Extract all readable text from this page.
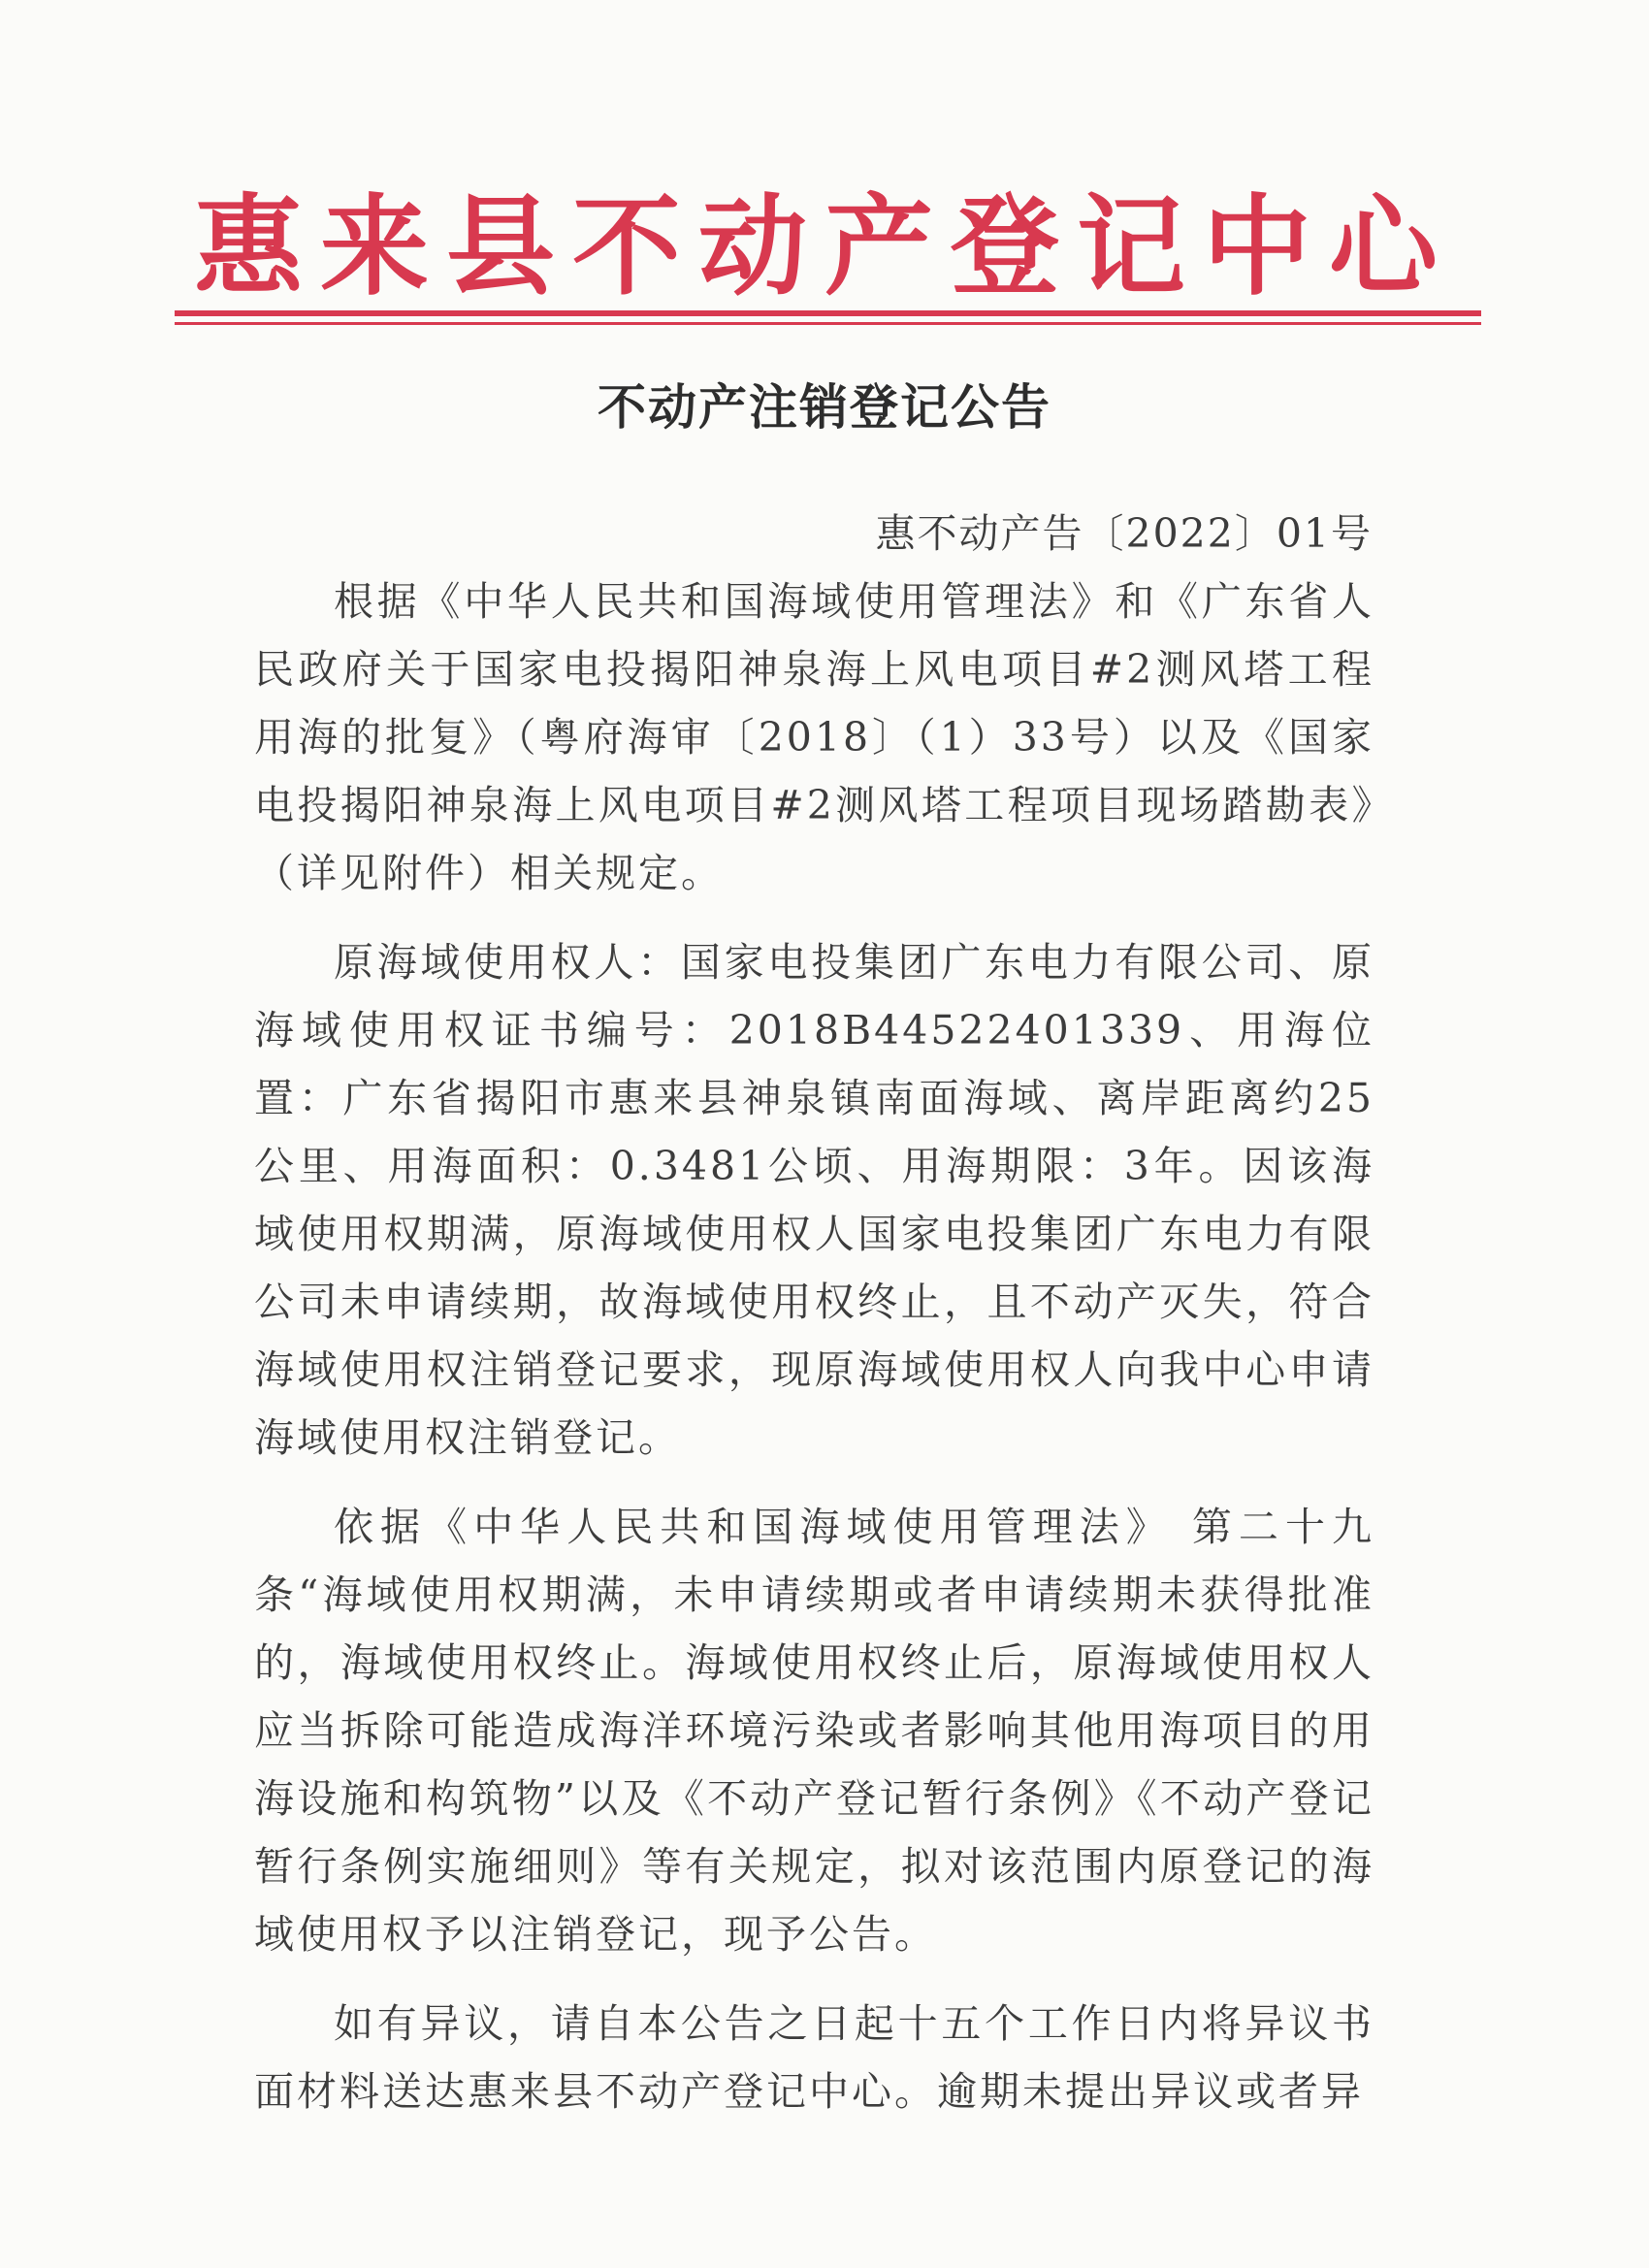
惠来县不动产登记中心
不动产注销登记公告

惠不动产告〔2022〕01号

根据《中华人民共和国海域使用管理法》和《广东省人民政府关于国家电投揭阳神泉海上风电项目#2测风塔工程用海的批复》（粤府海审〔2018〕（1）33号）以及《国家电投揭阳神泉海上风电项目#2测风塔工程项目现场踏勘表》（详见附件）相关规定。

原海域使用权人：国家电投集团广东电力有限公司、原海域使用权证书编号：2018B44522401339、用海位置：广东省揭阳市惠来县神泉镇南面海域、离岸距离约25公里、用海面积：0.3481公顷、用海期限：3年。因该海域使用权期满，原海域使用权人国家电投集团广东电力有限公司未申请续期，故海域使用权终止，且不动产灭失，符合海域使用权注销登记要求，现原海域使用权人向我中心申请海域使用权注销登记。

依据《中华人民共和国海域使用管理法》 第二十九条“海域使用权期满，未申请续期或者申请续期未获得批准的，海域使用权终止。海域使用权终止后，原海域使用权人应当拆除可能造成海洋环境污染或者影响其他用海项目的用海设施和构筑物”以及《不动产登记暂行条例》《不动产登记暂行条例实施细则》等有关规定，拟对该范围内原登记的海域使用权予以注销登记，现予公告。

如有异议，请自本公告之日起十五个工作日内将异议书面材料送达惠来县不动产登记中心。逾期未提出异议或者异
